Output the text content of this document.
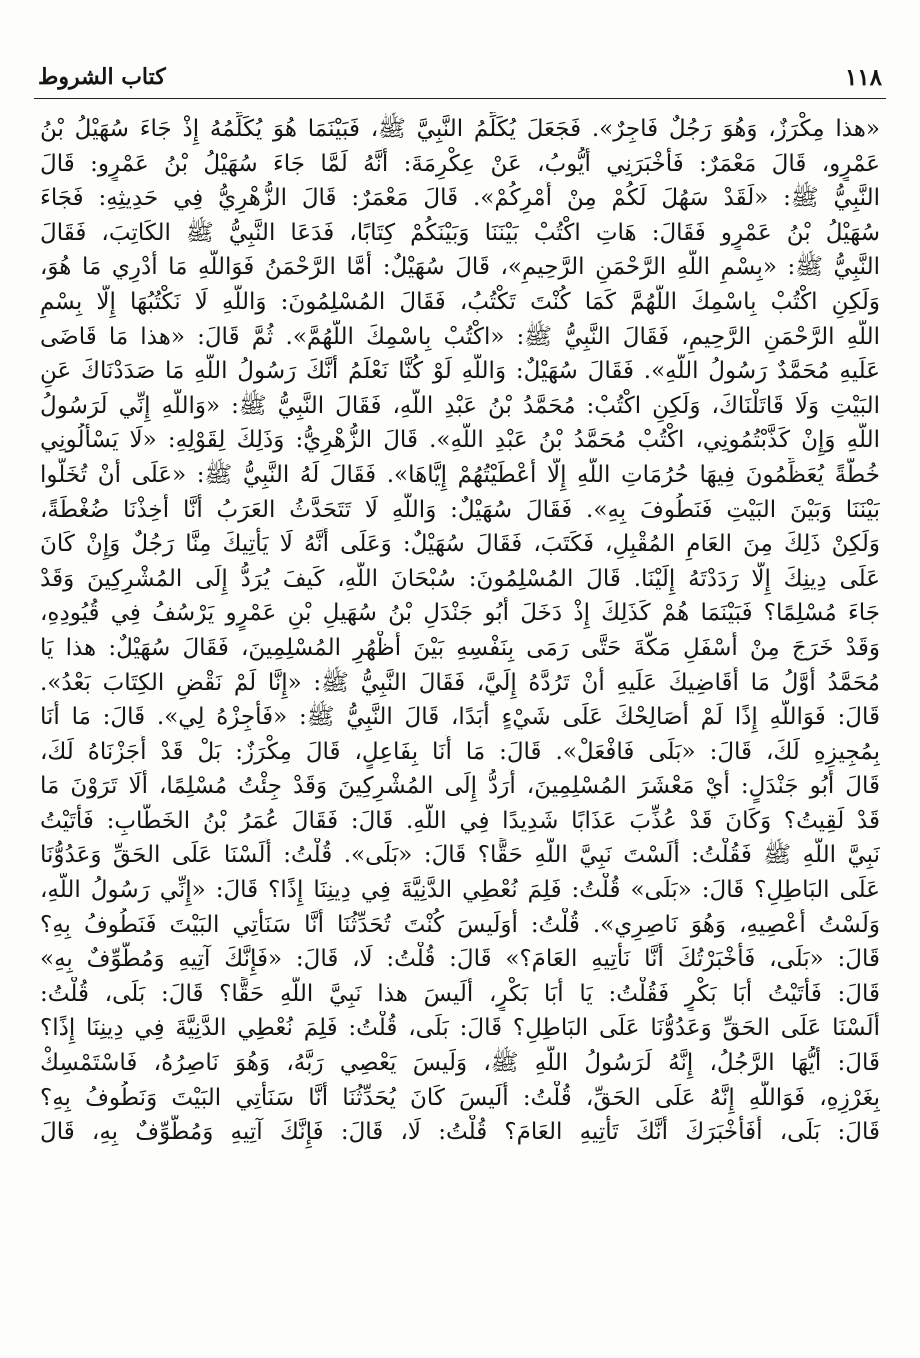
١١٨
كتاب الشروط
«هذا مِكْرَزٌ، وَهُوَ رَجُلٌ فَاجِرٌ». فَجَعَلَ يُكَلِّمُ النَّبِيَّ ﷺ، فَبَيْنَمَا هُوَ يُكَلِّمُهُ إِذْ جَاءَ سُهَيْلُ بْنُ
عَمْرٍو، قَالَ مَعْمَرٌ: فَأَخْبَرَنِي أَيُّوبُ، عَنْ عِكْرِمَةَ: أَنَّهُ لَمَّا جَاءَ سُهَيْلُ بْنُ عَمْرٍو: قَالَ
النَّبِيُّ ﷺ: «لَقَدْ سَهُلَ لَكُمْ مِنْ أَمْرِكُمْ». قَالَ مَعْمَرٌ: قَالَ الزُّهْرِيُّ فِي حَدِيثِهِ: فَجَاءَ
سُهَيْلُ بْنُ عَمْرٍو فَقَالَ: هَاتِ اكْتُبْ بَيْنَنَا وَبَيْنَكُمْ كِتَابًا، فَدَعَا النَّبِيُّ ﷺ الكَاتِبَ، فَقَالَ
النَّبِيُّ ﷺ: «بِسْمِ اللَّهِ الرَّحْمَنِ الرَّحِيمِ»، قَالَ سُهَيْلٌ: أَمَّا الرَّحْمَنُ فَوَاللَّهِ مَا أَدْرِي مَا هُوَ،
وَلَكِنِ اكْتُبْ بِاسْمِكَ اللَّهُمَّ كَمَا كُنْتَ تَكْتُبُ، فَقَالَ المُسْلِمُونَ: وَاللَّهِ لَا نَكْتُبُهَا إِلَّا بِسْمِ
اللَّهِ الرَّحْمَنِ الرَّحِيمِ، فَقَالَ النَّبِيُّ ﷺ: «اكْتُبْ بِاسْمِكَ اللَّهُمَّ». ثُمَّ قَالَ: «هذا مَا قَاضَى
عَلَيهِ مُحَمَّدٌ رَسُولُ اللَّهِ». فَقَالَ سُهَيْلٌ: وَاللَّهِ لَوْ كُنَّا نَعْلَمُ أَنَّكَ رَسُولُ اللَّهِ مَا صَدَدْنَاكَ عَنِ
البَيْتِ وَلَا قَاتَلْنَاكَ، وَلَكِنِ اكْتُبْ: مُحَمَّدُ بْنُ عَبْدِ اللَّهِ، فَقَالَ النَّبِيُّ ﷺ: «وَاللَّهِ إِنِّي لَرَسُولُ
اللَّهِ وَإِنْ كَذَّبْتُمُونِي، اكْتُبْ مُحَمَّدُ بْنُ عَبْدِ اللَّهِ». قَالَ الزُّهْرِيُّ: وَذَلِكَ لِقَوْلِهِ: «لَا يَسْأَلُونِي
خُطَّةً يُعَظِّمُونَ فِيهَا حُرُمَاتِ اللَّهِ إِلَّا أَعْطَيْتُهُمْ إِيَّاهَا». فَقَالَ لَهُ النَّبِيُّ ﷺ: «عَلَى أَنْ تُخَلُّوا
بَيْنَنَا وَبَيْنَ البَيْتِ فَنَطُوفَ بِهِ». فَقَالَ سُهَيْلٌ: وَاللَّهِ لَا تَتَحَدَّثُ العَرَبُ أَنَّا أُخِذْنَا ضُغْطَةً،
وَلَكِنْ ذَلِكَ مِنَ العَامِ المُقْبِلِ، فَكَتَبَ، فَقَالَ سُهَيْلٌ: وَعَلَى أَنَّهُ لَا يَأْتِيكَ مِنَّا رَجُلٌ وَإِنْ كَانَ
عَلَى دِينِكَ إِلَّا رَدَدْتَهُ إِلَيْنَا. قَالَ المُسْلِمُونَ: سُبْحَانَ اللَّهِ، كَيفَ يُرَدُّ إِلَى المُشْرِكِينَ وَقَدْ
جَاءَ مُسْلِمًا؟ فَبَيْنَمَا هُمْ كَذَلِكَ إِذْ دَخَلَ أَبُو جَنْدَلِ بْنُ سُهَيلِ بْنِ عَمْرٍو يَرْسُفُ فِي قُيُودِهِ،
وَقَدْ خَرَجَ مِنْ أَسْفَلِ مَكَّةَ حَتَّى رَمَى بِنَفْسِهِ بَيْنَ أَظْهُرِ المُسْلِمِينَ، فَقَالَ سُهَيْلٌ: هذا يَا
مُحَمَّدُ أَوَّلُ مَا أُقَاضِيكَ عَلَيهِ أَنْ تَرُدَّهُ إِلَيَّ، فَقَالَ النَّبِيُّ ﷺ: «إِنَّا لَمْ نَقْضِ الكِتَابَ بَعْدُ».
قَالَ: فَوَاللَّهِ إِذًا لَمْ أُصَالِحْكَ عَلَى شَيْءٍ أَبَدًا، قَالَ النَّبِيُّ ﷺ: «فَأَجِزْهُ لِي». قَالَ: مَا أَنَا
بِمُجِيزِهِ لَكَ، قَالَ: «بَلَى فَافْعَلْ». قَالَ: مَا أَنَا بِفَاعِلٍ، قَالَ مِكْرَزٌ: بَلْ قَدْ أَجَزْنَاهُ لَكَ،
قَالَ أَبُو جَنْدَلٍ: أَيْ مَعْشَرَ المُسْلِمِينَ، أُرَدُّ إِلَى المُشْرِكِينَ وَقَدْ جِئْتُ مُسْلِمًا، أَلَا تَرَوْنَ مَا
قَدْ لَقِيتُ؟ وَكَانَ قَدْ عُذِّبَ عَذَابًا شَدِيدًا فِي اللَّهِ. قَالَ: فَقَالَ عُمَرُ بْنُ الخَطَّابِ: فَأَتَيْتُ
نَبِيَّ اللَّهِ ﷺ فَقُلْتُ: أَلَسْتَ نَبِيَّ اللَّهِ حَقًّا؟ قَالَ: «بَلَى». قُلْتُ: أَلَسْنَا عَلَى الحَقِّ وَعَدُوُّنَا
عَلَى البَاطِلِ؟ قَالَ: «بَلَى» قُلْتُ: فَلِمَ نُعْطِي الدَّنِيَّةَ فِي دِينِنَا إِذًا؟ قَالَ: «إِنِّي رَسُولُ اللَّهِ،
وَلَسْتُ أَعْصِيهِ، وَهُوَ نَاصِرِي». قُلْتُ: أَوَلَيسَ كُنْتَ تُحَدِّثُنَا أَنَّا سَنَأْتِي البَيْتَ فَنَطُوفُ بِهِ؟
قَالَ: «بَلَى، فَأَخْبَرْتُكَ أَنَّا نَأْتِيهِ العَامَ؟» قَالَ: قُلْتُ: لَا، قَالَ: «فَإِنَّكَ آتِيهِ وَمُطَّوِّفٌ بِهِ»
قَالَ: فَأَتَيْتُ أَبَا بَكْرٍ فَقُلْتُ: يَا أَبَا بَكْرٍ، أَلَيسَ هذا نَبِيَّ اللَّهِ حَقًّا؟ قَالَ: بَلَى، قُلْتُ:
أَلَسْنَا عَلَى الحَقِّ وَعَدُوُّنَا عَلَى البَاطِلِ؟ قَالَ: بَلَى، قُلْتُ: فَلِمَ نُعْطِي الدَّنِيَّةَ فِي دِينِنَا إِذًا؟
قَالَ: أَيُّهَا الرَّجُلُ، إِنَّهُ لَرَسُولُ اللَّهِ ﷺ، وَلَيسَ يَعْصِي رَبَّهُ، وَهُوَ نَاصِرُهُ، فَاسْتَمْسِكْ
بِغَرْزِهِ، فَوَاللَّهِ إِنَّهُ عَلَى الحَقِّ، قُلْتُ: أَلَيسَ كَانَ يُحَدِّثُنَا أَنَّا سَنَأْتِي البَيْتَ وَنَطُوفُ بِهِ؟
قَالَ: بَلَى، أَفَأَخْبَرَكَ أَنَّكَ تَأْتِيهِ العَامَ؟ قُلْتُ: لَا، قَالَ: فَإِنَّكَ آتِيهِ وَمُطَّوِّفٌ بِهِ، قَالَ
